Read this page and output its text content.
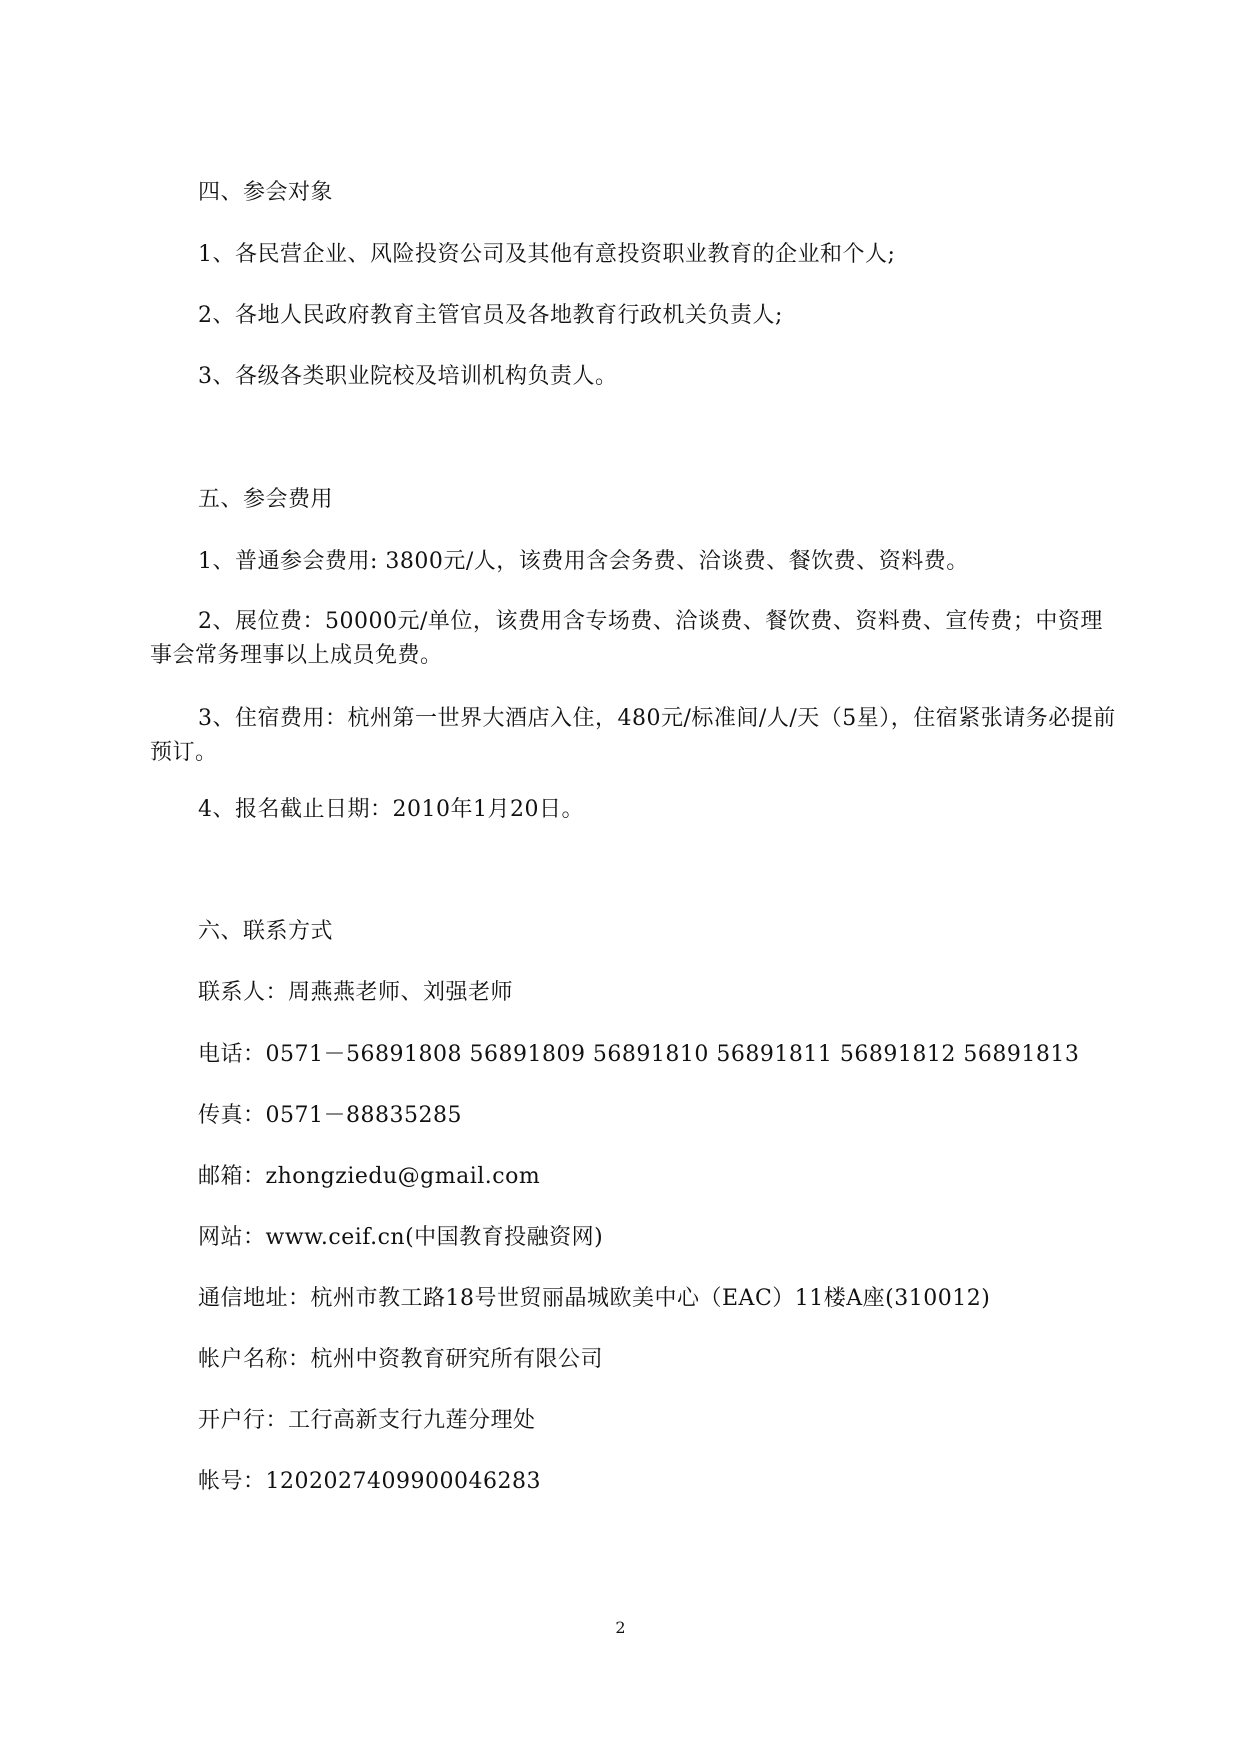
四、参会对象
1、各民营企业、风险投资公司及其他有意投资职业教育的企业和个人;
2、各地人民政府教育主管官员及各地教育行政机关负责人;
3、各级各类职业院校及培训机构负责人。
五、参会费用
1、普通参会费用: 3800元/人，该费用含会务费、洽谈费、餐饮费、资料费。
2、展位费：50000元/单位，该费用含专场费、洽谈费、餐饮费、资料费、宣传费；中资理事会常务理事以上成员免费。
3、住宿费用：杭州第一世界大酒店入住，480元/标准间/人/天（5星），住宿紧张请务必提前预订。
4、报名截止日期：2010年1月20日。
六、联系方式
联系人：周燕燕老师、刘强老师
电话：0571－56891808 56891809 56891810 56891811 56891812 56891813
传真：0571－88835285
邮箱：zhongziedu@gmail.com
网站：www.ceif.cn(中国教育投融资网)
通信地址：杭州市教工路18号世贸丽晶城欧美中心（EAC）11楼A座(310012)
帐户名称：杭州中资教育研究所有限公司
开户行：工行高新支行九莲分理处
帐号：1202027409900046283
2
